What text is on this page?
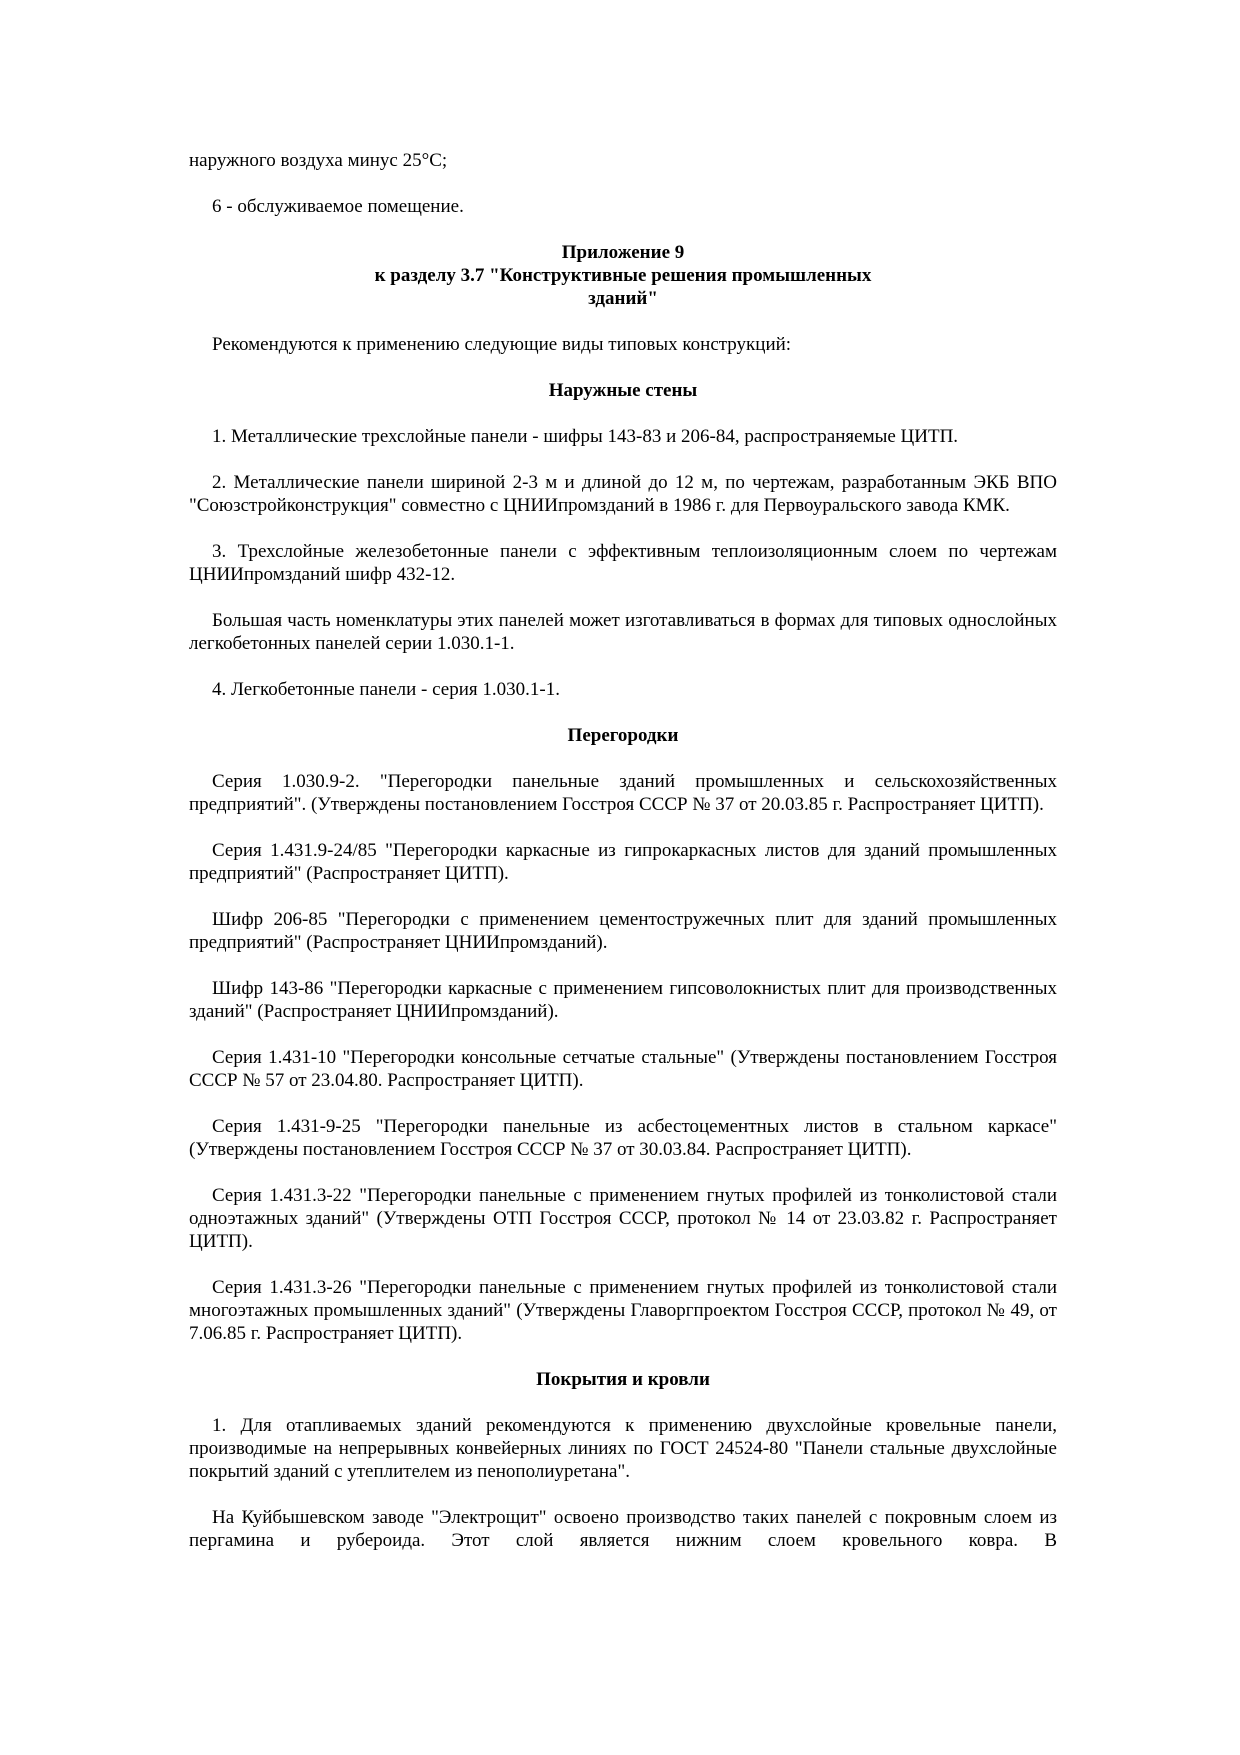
наружного воздуха минус 25°С;

6 - обслуживаемое помещение.

Приложение 9
к разделу 3.7 "Конструктивные решения промышленных
зданий"

Рекомендуются к применению следующие виды типовых конструкций:

Наружные стены

1. Металлические трехслойные панели - шифры 143-83 и 206-84, распространяемые ЦИТП.

2. Металлические панели шириной 2-3 м и длиной до 12 м, по чертежам, разработанным ЭКБ ВПО "Союзстройконструкция" совместно с ЦНИИпромзданий в 1986 г. для Первоуральского завода КМК.

3. Трехслойные железобетонные панели с эффективным теплоизоляционным слоем по чертежам ЦНИИпромзданий шифр 432-12.

Большая часть номенклатуры этих панелей может изготавливаться в формах для типовых однослойных легкобетонных панелей серии 1.030.1-1.

4. Легкобетонные панели - серия 1.030.1-1.

Перегородки

Серия 1.030.9-2. "Перегородки панельные зданий промышленных и сельскохозяйственных предприятий". (Утверждены постановлением Госстроя СССР № 37 от 20.03.85 г. Распространяет ЦИТП).

Серия 1.431.9-24/85 "Перегородки каркасные из гипрокаркасных листов для зданий промышленных предприятий" (Распространяет ЦИТП).

Шифр 206-85 "Перегородки с применением цементостружечных плит для зданий промышленных предприятий" (Распространяет ЦНИИпромзданий).

Шифр 143-86 "Перегородки каркасные с применением гипсоволокнистых плит для производственных зданий" (Распространяет ЦНИИпромзданий).

Серия 1.431-10 "Перегородки консольные сетчатые стальные" (Утверждены постановлением Госстроя СССР № 57 от 23.04.80. Распространяет ЦИТП).

Серия 1.431-9-25 "Перегородки панельные из асбестоцементных листов в стальном каркасе" (Утверждены постановлением Госстроя СССР № 37 от 30.03.84. Распространяет ЦИТП).

Серия 1.431.3-22 "Перегородки панельные с применением гнутых профилей из тонколистовой стали одноэтажных зданий" (Утверждены ОТП Госстроя СССР, протокол № 14 от 23.03.82 г. Распространяет ЦИТП).

Серия 1.431.3-26 "Перегородки панельные с применением гнутых профилей из тонколистовой стали многоэтажных промышленных зданий" (Утверждены Главоргпроектом Госстроя СССР, протокол № 49, от 7.06.85 г. Распространяет ЦИТП).

Покрытия и кровли

1. Для отапливаемых зданий рекомендуются к применению двухслойные кровельные панели, производимые на непрерывных конвейерных линиях по ГОСТ 24524-80 "Панели стальные двухслойные покрытий зданий с утеплителем из пенополиуретана".

На Куйбышевском заводе "Электрощит" освоено производство таких панелей с покровным слоем из пергамина и рубероида. Этот слой является нижним слоем кровельного ковра. В
